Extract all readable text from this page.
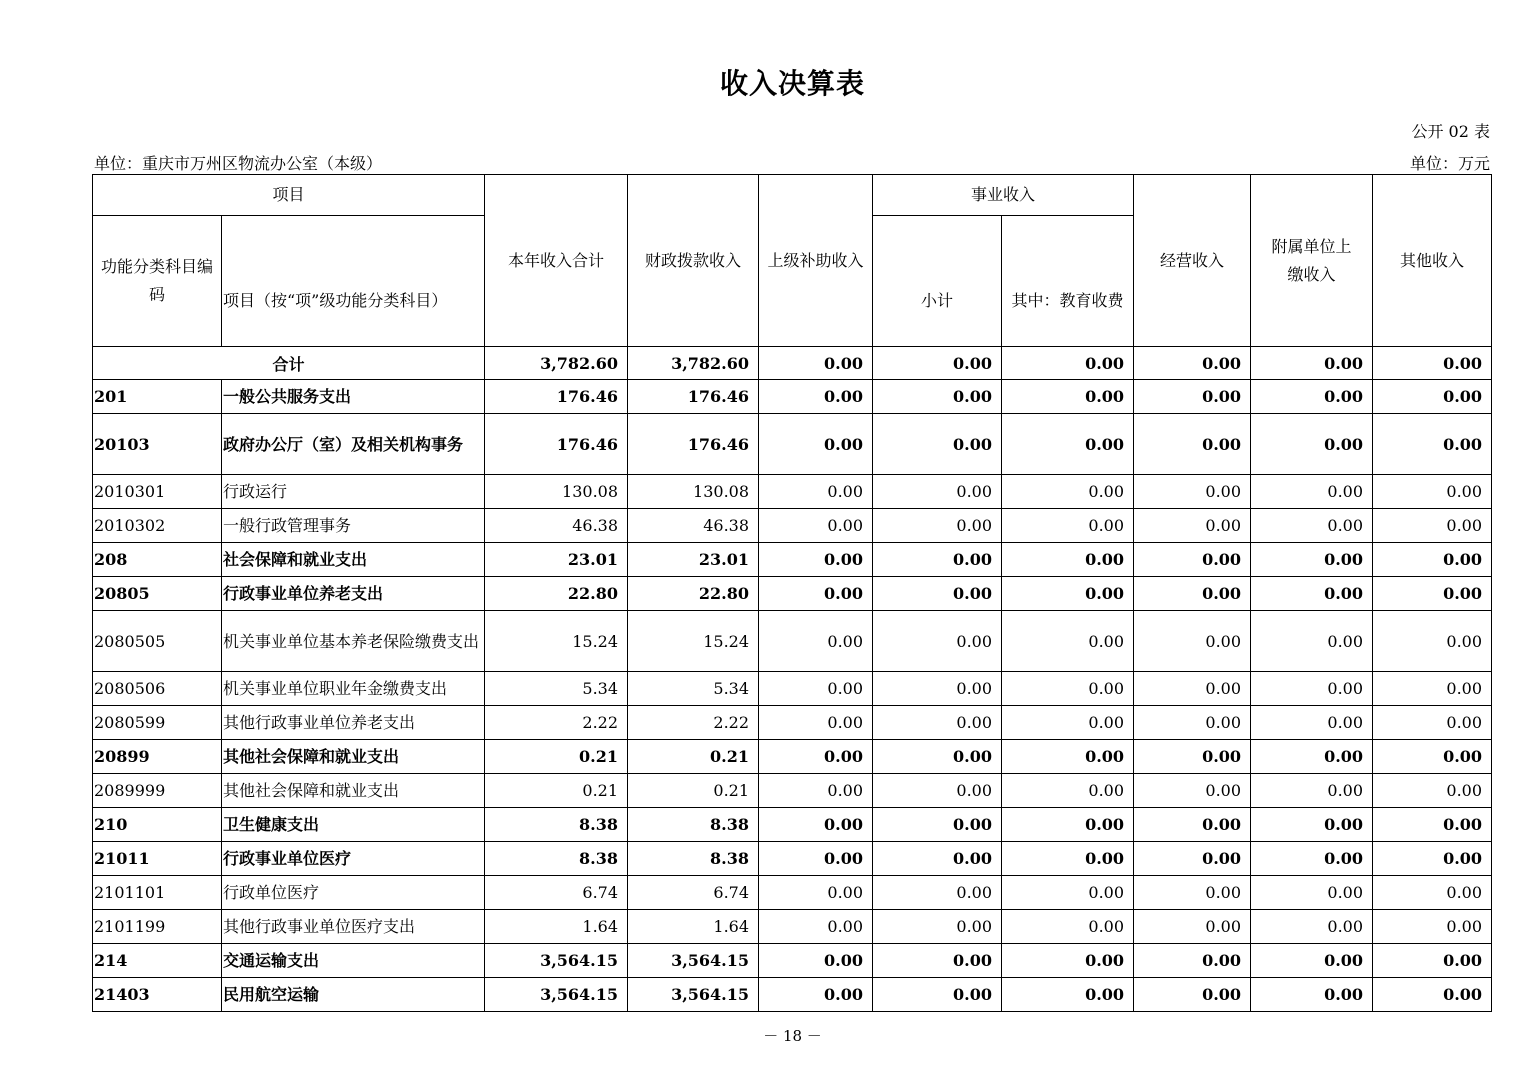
收入决算表
公开 02 表
单位：重庆市万州区物流办公室（本级）	单位：万元
项目		本年收入合计	财政拨款收入	上级补助收入	事业收入		经营收入	附属单位上缴收入	其他收入
功能分类科目编码	项目（按“项”级功能分类科目）				小计	其中：教育收费			
合计		3,782.60	3,782.60	0.00	0.00	0.00	0.00	0.00	0.00
201	一般公共服务支出	176.46	176.46	0.00	0.00	0.00	0.00	0.00	0.00
20103	政府办公厅（室）及相关机构事务	176.46	176.46	0.00	0.00	0.00	0.00	0.00	0.00
2010301	行政运行	130.08	130.08	0.00	0.00	0.00	0.00	0.00	0.00
2010302	一般行政管理事务	46.38	46.38	0.00	0.00	0.00	0.00	0.00	0.00
208	社会保障和就业支出	23.01	23.01	0.00	0.00	0.00	0.00	0.00	0.00
20805	行政事业单位养老支出	22.80	22.80	0.00	0.00	0.00	0.00	0.00	0.00
2080505	机关事业单位基本养老保险缴费支出	15.24	15.24	0.00	0.00	0.00	0.00	0.00	0.00
2080506	机关事业单位职业年金缴费支出	5.34	5.34	0.00	0.00	0.00	0.00	0.00	0.00
2080599	其他行政事业单位养老支出	2.22	2.22	0.00	0.00	0.00	0.00	0.00	0.00
20899	其他社会保障和就业支出	0.21	0.21	0.00	0.00	0.00	0.00	0.00	0.00
2089999	其他社会保障和就业支出	0.21	0.21	0.00	0.00	0.00	0.00	0.00	0.00
210	卫生健康支出	8.38	8.38	0.00	0.00	0.00	0.00	0.00	0.00
21011	行政事业单位医疗	8.38	8.38	0.00	0.00	0.00	0.00	0.00	0.00
2101101	行政单位医疗	6.74	6.74	0.00	0.00	0.00	0.00	0.00	0.00
2101199	其他行政事业单位医疗支出	1.64	1.64	0.00	0.00	0.00	0.00	0.00	0.00
214	交通运输支出	3,564.15	3,564.15	0.00	0.00	0.00	0.00	0.00	0.00
21403	民用航空运输	3,564.15	3,564.15	0.00	0.00	0.00	0.00	0.00	0.00
－ 18 －
